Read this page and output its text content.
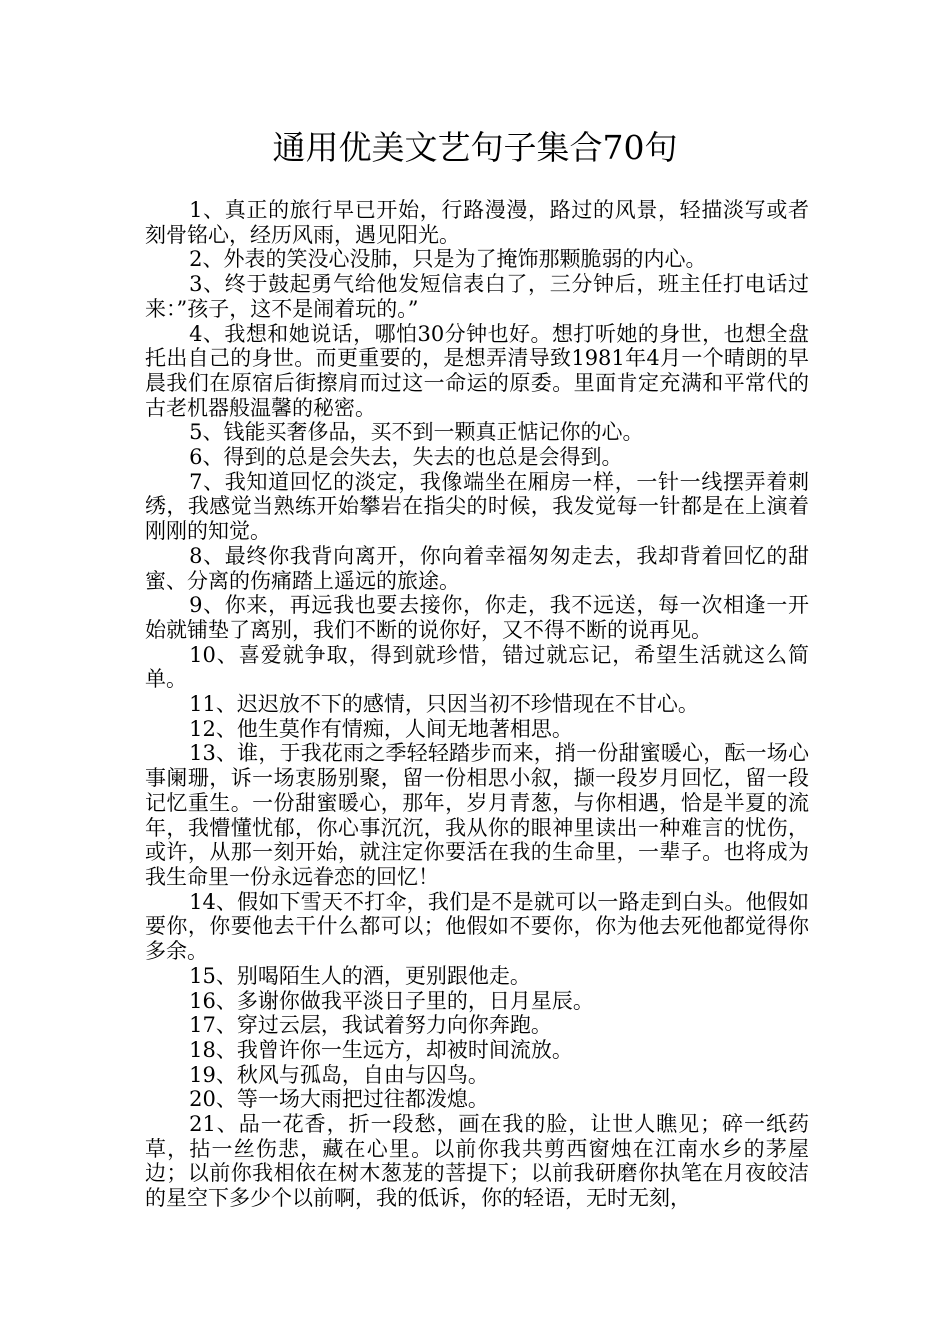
通用优美文艺句子集合70句

1、真正的旅行早已开始，行路漫漫，路过的风景，轻描淡写或者刻骨铭心，经历风雨，遇见阳光。

2、外表的笑没心没肺，只是为了掩饰那颗脆弱的内心。

3、终于鼓起勇气给他发短信表白了，三分钟后，班主任打电话过来：”孩子，这不是闹着玩的。”

4、我想和她说话，哪怕30分钟也好。想打听她的身世，也想全盘托出自己的身世。而更重要的，是想弄清导致1981年4月一个晴朗的早晨我们在原宿后街擦肩而过这一命运的原委。里面肯定充满和平常代的古老机器般温馨的秘密。

5、钱能买奢侈品，买不到一颗真正惦记你的心。

6、得到的总是会失去，失去的也总是会得到。

7、我知道回忆的淡定，我像端坐在厢房一样，一针一线摆弄着刺绣，我感觉当熟练开始攀岩在指尖的时候，我发觉每一针都是在上演着刚刚的知觉。

8、最终你我背向离开，你向着幸福匆匆走去，我却背着回忆的甜蜜、分离的伤痛踏上遥远的旅途。

9、你来，再远我也要去接你，你走，我不远送，每一次相逢一开始就铺垫了离别，我们不断的说你好，又不得不断的说再见。

10、喜爱就争取，得到就珍惜，错过就忘记，希望生活就这么简单。

11、迟迟放不下的感情，只因当初不珍惜现在不甘心。

12、他生莫作有情痴，人间无地著相思。

13、谁，于我花雨之季轻轻踏步而来，捎一份甜蜜暖心，酝一场心事阑珊，诉一场衷肠别聚，留一份相思小叙，撷一段岁月回忆，留一段记忆重生。一份甜蜜暖心，那年，岁月青葱，与你相遇，恰是半夏的流年，我懵懂忧郁，你心事沉沉，我从你的眼神里读出一种难言的忧伤，或许，从那一刻开始，就注定你要活在我的生命里，一辈子。也将成为我生命里一份永远眷恋的回忆！

14、假如下雪天不打伞，我们是不是就可以一路走到白头。他假如要你，你要他去干什么都可以；他假如不要你，你为他去死他都觉得你多余。

15、别喝陌生人的酒，更别跟他走。

16、多谢你做我平淡日子里的，日月星辰。

17、穿过云层，我试着努力向你奔跑。

18、我曾许你一生远方，却被时间流放。

19、秋风与孤岛，自由与囚鸟。

20、等一场大雨把过往都泼熄。

21、品一花香，折一段愁，画在我的脸，让世人瞧见；碎一纸药草，拈一丝伤悲，藏在心里。以前你我共剪西窗烛在江南水乡的茅屋边；以前你我相依在树木葱茏的菩提下；以前我研磨你执笔在月夜皎洁的星空下多少个以前啊，我的低诉，你的轻语，无时无刻，
